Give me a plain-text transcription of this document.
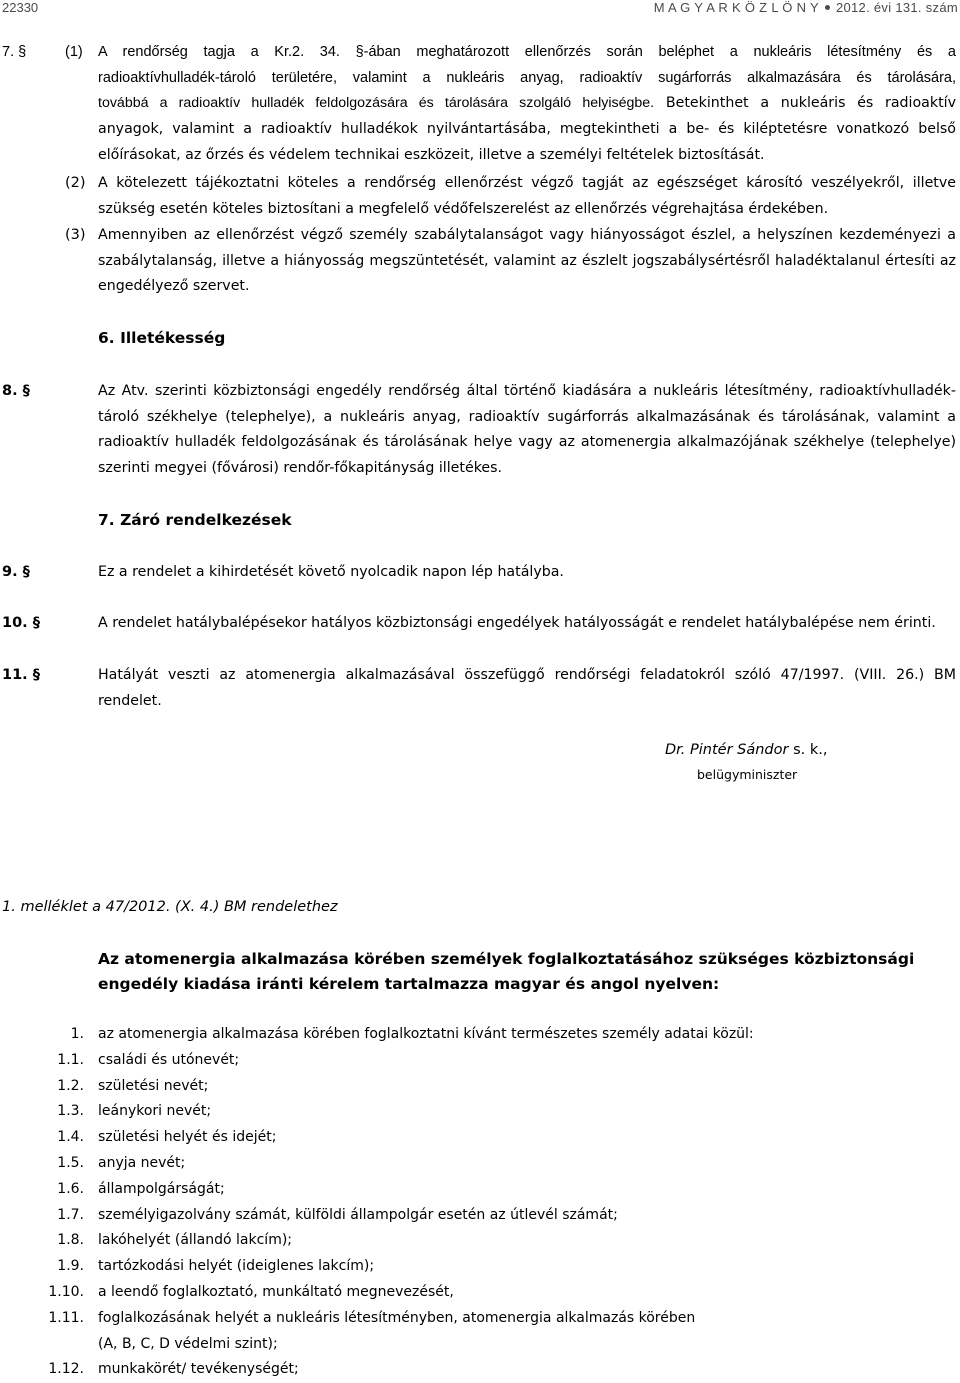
22330	M A G Y A R K Ö Z L Ö N Y 2012. évi 131. szám
7. §	(1) A rendőrség tagja a Kr.2. 34. §-ában meghatározott ellenőrzés során beléphet a nukleáris létesítmény és a
radioaktívhulladék-tároló területére, valamint a nukleáris anyag, radioaktív sugárforrás alkalmazására és tárolására,
továbbá a radioaktív hulladék feldolgozására és tárolására szolgáló helyiségbe. Betekinthet a nukleáris és radioaktív
anyagok, valamint a radioaktív hulladékok nyilvántartásába, megtekintheti a be- és kiléptetésre vonatkozó belső előírásokat, az őrzés és védelem technikai eszközeit, illetve a személyi feltételek biztosítását.
(2) A kötelezett tájékoztatni köteles a rendőrség ellenőrzést végző tagját az egészséget károsító veszélyekről, illetve szükség esetén köteles biztosítani a megfelelő védőfelszerelést az ellenőrzés végrehajtása érdekében.
(3) Amennyiben az ellenőrzést végző személy szabálytalanságot vagy hiányosságot észlel, a helyszínen kezdeményezi a szabálytalanság, illetve a hiányosság megszüntetését, valamint az észlelt jogszabálysértésről haladéktalanul értesíti az engedélyező szervet.
6. Illetékesség
8. §	Az Atv. szerinti közbiztonsági engedély rendőrség által történő kiadására a nukleáris létesítmény, radioaktívhulladék-tároló székhelye (telephelye), a nukleáris anyag, radioaktív sugárforrás alkalmazásának és tárolásának, valamint a radioaktív hulladék feldolgozásának és tárolásának helye vagy az atomenergia alkalmazójának székhelye (telephelye) szerinti megyei (fővárosi) rendőr-főkapitányság illetékes.
7. Záró rendelkezések
9. §	Ez a rendelet a kihirdetését követő nyolcadik napon lép hatályba.
10. §	A rendelet hatálybalépésekor hatályos közbiztonsági engedélyek hatályosságát e rendelet hatálybalépése nem érinti.
11. §	Hatályát veszti az atomenergia alkalmazásával összefüggő rendőrségi feladatokról szóló 47/1997. (VIII. 26.) BM rendelet.
Dr. Pintér Sándor s. k.,
belügyminiszter
1. melléklet a 47/2012. (X. 4.) BM rendelethez
Az atomenergia alkalmazása körében személyek foglalkoztatásához szükséges közbiztonsági engedély kiadása iránti kérelem tartalmazza magyar és angol nyelven:
1. az atomenergia alkalmazása körében foglalkoztatni kívánt természetes személy adatai közül:
1.1. családi és utónevét;
1.2. születési nevét;
1.3. leánykori nevét;
1.4. születési helyét és idejét;
1.5. anyja nevét;
1.6. állampolgárságát;
1.7. személyigazolvány számát, külföldi állampolgár esetén az útlevél számát;
1.8. lakóhelyét (állandó lakcím);
1.9. tartózkodási helyét (ideiglenes lakcím);
1.10. a leendő foglalkoztató, munkáltató megnevezését,
1.11. foglalkozásának helyét a nukleáris létesítményben, atomenergia alkalmazás körében
(A, B, C, D védelmi szint);
1.12. munkakörét/ tevékenységét;
